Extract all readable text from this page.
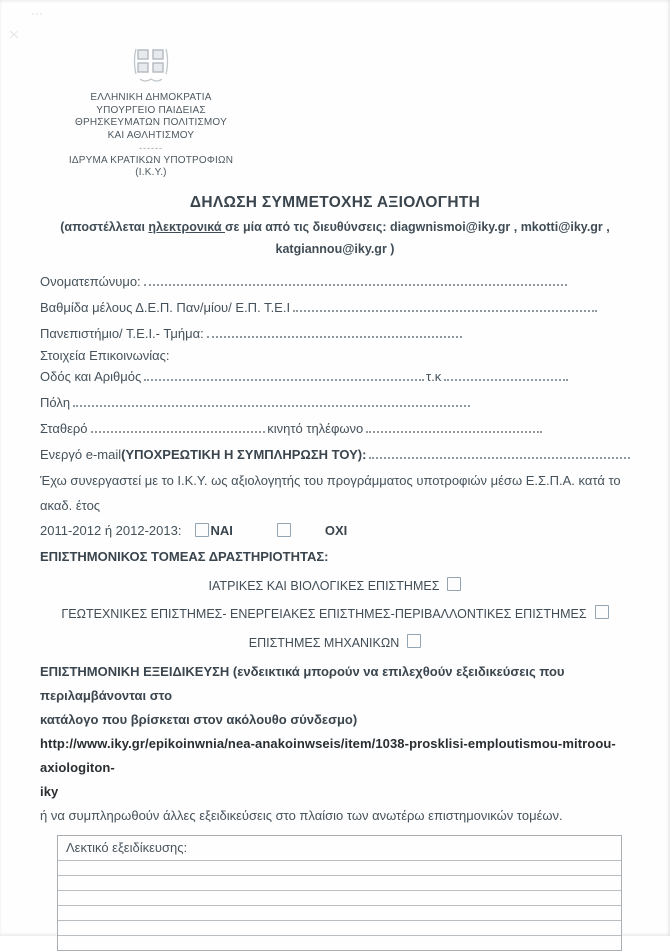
ΕΛΛΗΝΙΚΗ ΔΗΜΟΚΡΑΤΙΑ
ΥΠΟΥΡΓΕΙΟ ΠΑΙΔΕΙΑΣ
ΘΡΗΣΚΕΥΜΑΤΩΝ ΠΟΛΙΤΙΣΜΟΥ
ΚΑΙ ΑΘΛΗΤΙΣΜΟΥ
------
ΙΔΡΥΜΑ ΚΡΑΤΙΚΩΝ ΥΠΟΤΡΟΦΙΩΝ
(Ι.Κ.Υ.)
ΔΗΛΩΣΗ ΣΥΜΜΕΤΟΧΗΣ ΑΞΙΟΛΟΓΗΤΗ
(αποστέλλεται ηλεκτρονικά σε μία από τις διευθύνσεις: diagwnismoi@iky.gr , mkotti@iky.gr ,
katgiannou@iky.gr )
Ονοματεπώνυμο:
Βαθμίδα μέλους Δ.Ε.Π. Παν/μίου/ Ε.Π. Τ.Ε.Ι
Πανεπιστήμιο/ Τ.Ε.Ι.- Τμήμα:
Στοιχεία Επικοινωνίας:
Οδός και Αριθμός	τ.κ
Πόλη
Σταθερό	κινητό τηλέφωνο
Ενεργό e-mail (ΥΠΟΧΡΕΩΤΙΚΗ Η ΣΥΜΠΛΗΡΩΣΗ ΤΟΥ):
Έχω συνεργαστεί με το Ι.Κ.Υ. ως αξιολογητής του προγράμματος υποτροφιών μέσω Ε.Σ.Π.Α. κατά το ακαδ. έτος
2011-2012 ή 2012-2013: ΝΑΙ	ΟΧΙ
ΕΠΙΣΤΗΜΟΝΙΚΟΣ ΤΟΜΕΑΣ ΔΡΑΣΤΗΡΙΟΤΗΤΑΣ:
ΙΑΤΡΙΚΕΣ ΚΑΙ ΒΙΟΛΟΓΙΚΕΣ ΕΠΙΣΤΗΜΕΣ
ΓΕΩΤΕΧΝΙΚΕΣ ΕΠΙΣΤΗΜΕΣ- ΕΝΕΡΓΕΙΑΚΕΣ ΕΠΙΣΤΗΜΕΣ-ΠΕΡΙΒΑΛΛΟΝΤΙΚΕΣ ΕΠΙΣΤΗΜΕΣ
ΕΠΙΣΤΗΜΕΣ ΜΗΧΑΝΙΚΩΝ
ΕΠΙΣΤΗΜΟΝΙΚΗ ΕΞΕΙΔΙΚΕΥΣΗ (ενδεικτικά μπορούν να επιλεχθούν εξειδικεύσεις που περιλαμβάνονται στο
κατάλογο που βρίσκεται στον ακόλουθο σύνδεσμο)
http://www.iky.gr/epikoinwnia/nea-anakoinwseis/item/1038-prosklisi-emploutismou-mitroou-axiologiton-
iky
ή να συμπληρωθούν άλλες εξειδικεύσεις στο πλαίσιο των ανωτέρω επιστημονικών τομέων.
Λεκτικό εξειδίκευσης:
